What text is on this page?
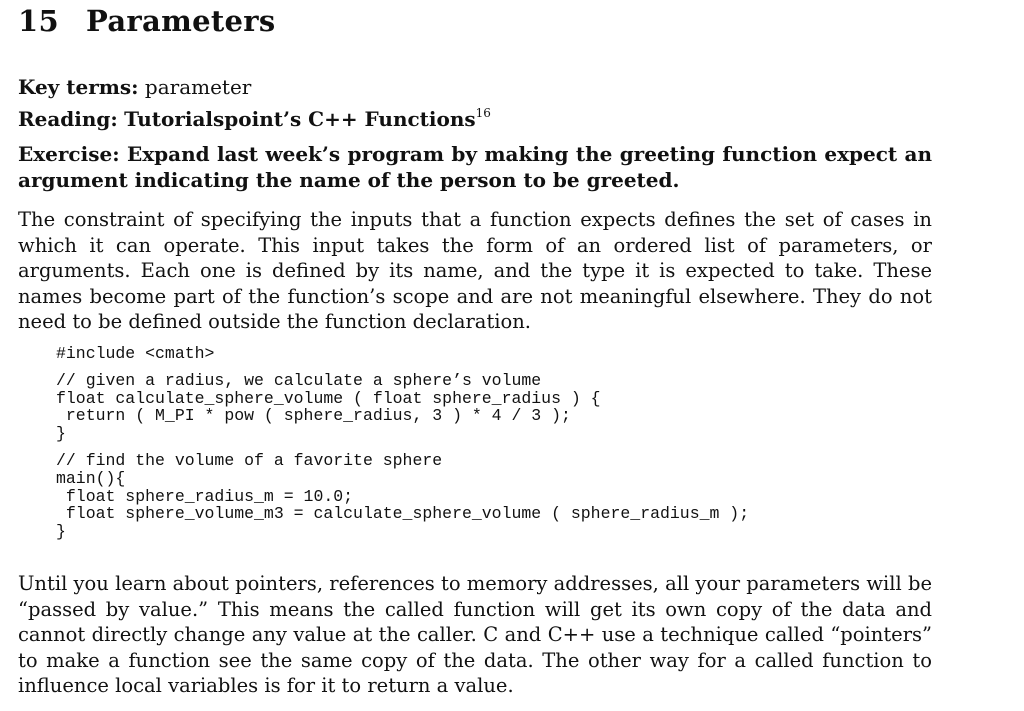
15 Parameters
Key terms: parameter
Reading: Tutorialspoint’s C++ Functions$^{16}$
Exercise: Expand last week’s program by making the greeting function expect an argument indicating the name of the person to be greeted.
The constraint of specifying the inputs that a function expects defines the set of cases in which it can operate. This input takes the form of an ordered list of parameters, or arguments. Each one is defined by its name, and the type it is expected to take. These names become part of the function’s scope and are not meaningful elsewhere. They do not need to be defined outside the function declaration.
#include <cmath>
// given a radius, we calculate a sphere’s volume
float calculate_sphere_volume ( float sphere_radius ) {
return ( M_PI * pow ( sphere_radius, 3 ) * 4 / 3 );
}
// find the volume of a favorite sphere
main(){
float sphere_radius_m = 10.0;
float sphere_volume_m3 = calculate_sphere_volume ( sphere_radius_m );
}
Until you learn about pointers, references to memory addresses, all your parameters will be “passed by value.” This means the called function will get its own copy of the data and cannot directly change any value at the caller. C and C++ use a technique called “pointers” to make a function see the same copy of the data. The other way for a called function to influence local variables is for it to return a value.
